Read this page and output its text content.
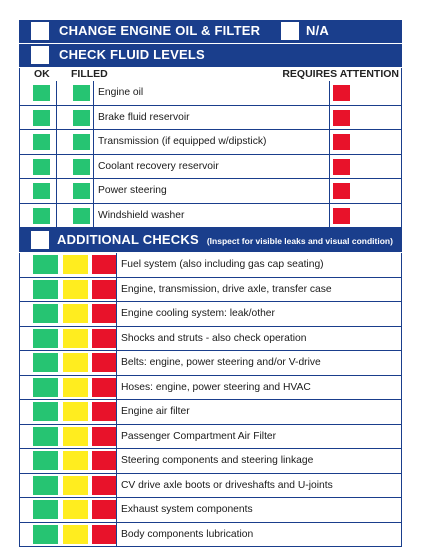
CHANGE ENGINE OIL & FILTER	N/A
CHECK FLUID LEVELS
OK FILLED	REQUIRES ATTENTION
Engine oil
Brake fluid reservoir
Transmission (if equipped w/dipstick)
Coolant recovery reservoir
Power steering
Windshield washer
ADDITIONAL CHECKS (Inspect for visible leaks and visual condition)
Fuel system (also including gas cap seating)
Engine, transmission, drive axle, transfer case
Engine cooling system: leak/other
Shocks and struts - also check operation
Belts: engine, power steering and/or V-drive
Hoses: engine, power steering and HVAC
Engine air filter
Passenger Compartment Air Filter
Steering components and steering linkage
CV drive axle boots or driveshafts and U-joints
Exhaust system components
Body components lubrication
